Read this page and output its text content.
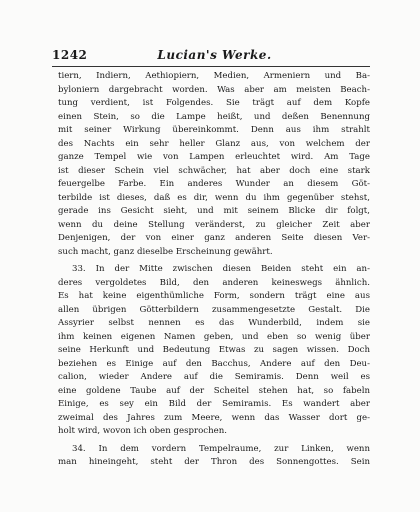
1242	Lucian's Werke.
tiern, Indiern, Aethiopiern, Medien, Armeniern und Ba-
byloniern dargebracht worden. Was aber am meisten Beach-
tung verdient, ist Folgendes. Sie trägt auf dem Kopfe
einen Stein, so die Lampe heißt, und deßen Benennung
mit seiner Wirkung übereinkommt. Denn aus ihm strahlt
des Nachts ein sehr heller Glanz aus, von welchem der
ganze Tempel wie von Lampen erleuchtet wird. Am Tage
ist dieser Schein viel schwächer, hat aber doch eine stark
feuergelbe Farbe. Ein anderes Wunder an diesem Göt-
terbilde ist dieses, daß es dir, wenn du ihm gegenüber stehst,
gerade ins Gesicht sieht, und mit seinem Blicke dir folgt,
wenn du deine Stellung veränderst, zu gleicher Zeit aber
Denjenigen, der von einer ganz anderen Seite diesen Ver-
such macht, ganz dieselbe Erscheinung gewährt.
33. In der Mitte zwischen diesen Beiden steht ein an-
deres vergoldetes Bild, den anderen keineswegs ähnlich.
Es hat keine eigenthümliche Form, sondern trägt eine aus
allen übrigen Götterbildern zusammengesetzte Gestalt. Die
Assyrier selbst nennen es das Wunderbild, indem sie
ihm keinen eigenen Namen geben, und eben so wenig über
seine Herkunft und Bedeutung Etwas zu sagen wissen. Doch
beziehen es Einige auf den Bacchus, Andere auf den Deu-
calion, wieder Andere auf die Semiramis. Denn weil es
eine goldene Taube auf der Scheitel stehen hat, so fabeln
Einige, es sey ein Bild der Semiramis. Es wandert aber
zweimal des Jahres zum Meere, wenn das Wasser dort ge-
holt wird, wovon ich oben gesprochen.
34. In dem vordern Tempelraume, zur Linken, wenn
man hineingeht, steht der Thron des Sonnengottes. Sein
